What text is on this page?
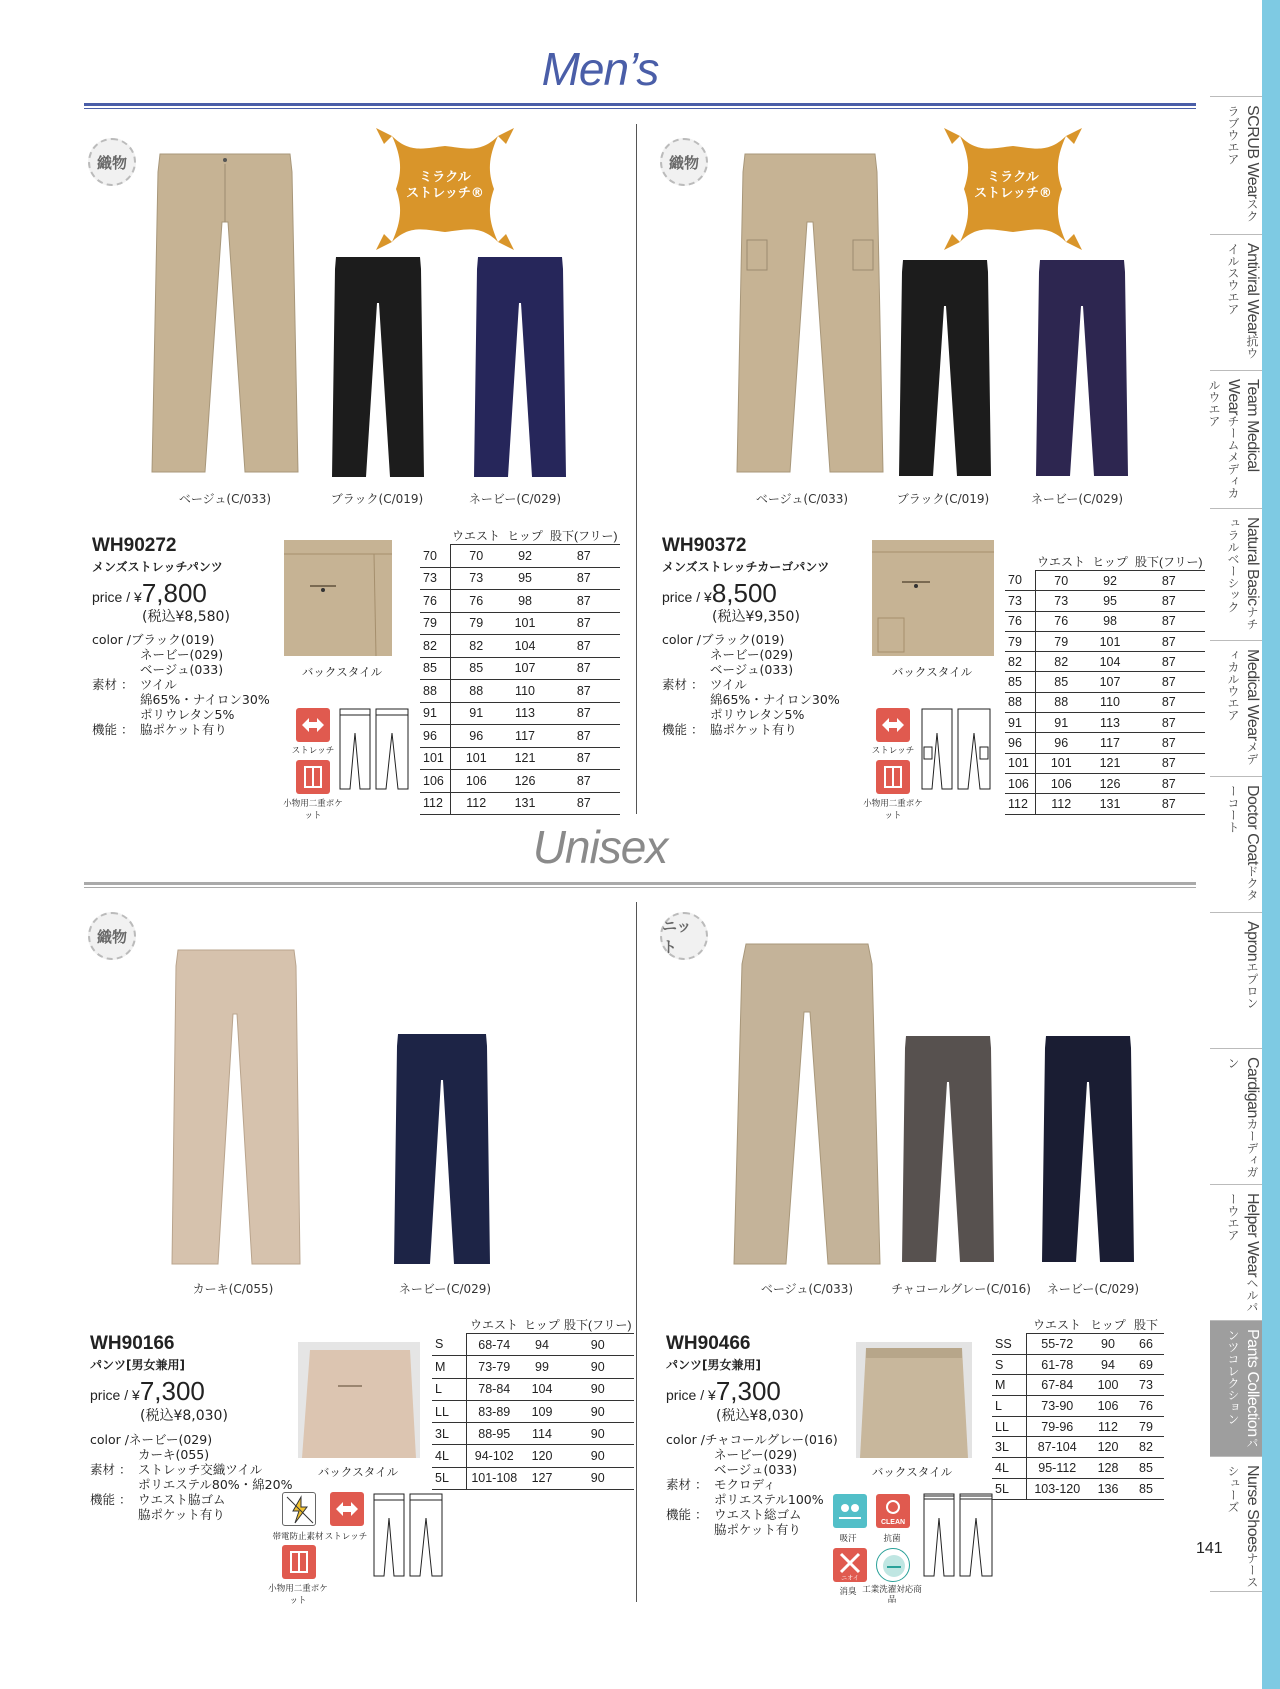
Men’s
Unisex
SCRUB Wearスクラブウエア
Antiviral Wear抗ウイルスウエア
Team Medical Wearチームメディカルウエア
Natural Basicナチュラルベーシック
Medical Wearメディカルウエア
Doctor Coatドクターコート
Apronエプロン
Cardiganカーディガン
Helper Wearヘルパーウエア
Pants Collectionパンツコレクション
Nurse Shoesナースシューズ
141
織物
ミラクル
ストレッチ®
ベージュ(C/033)	ブラック(C/019)	ネービー(C/029)
WH90272
メンズストレッチパンツ
price / ¥7,800
(税込¥8,580)
color / ブラック(019)
ネービー(029)
ベージュ(033)
素材 ： ツイル
綿65%・ナイロン30%
ポリウレタン5%
機能 ： 脇ポケット有り
バックスタイル
ストレッチ
小物用二重ポケット
	ウエスト	ヒップ	股下(フリー)
70	70	92	87
73	73	95	87
76	76	98	87
79	79	101	87
82	82	104	87
85	85	107	87
88	88	110	87
91	91	113	87
96	96	117	87
101	101	121	87
106	106	126	87
112	112	131	87
織物
ミラクル
ストレッチ®
ベージュ(C/033)	ブラック(C/019)	ネービー(C/029)
WH90372
メンズストレッチカーゴパンツ
price / ¥8,500
(税込¥9,350)
color / ブラック(019)
ネービー(029)
ベージュ(033)
素材 ： ツイル
綿65%・ナイロン30%
ポリウレタン5%
機能 ： 脇ポケット有り
バックスタイル
ストレッチ
小物用二重ポケット
	ウエスト	ヒップ	股下(フリー)
70	70	92	87
73	73	95	87
76	76	98	87
79	79	101	87
82	82	104	87
85	85	107	87
88	88	110	87
91	91	113	87
96	96	117	87
101	101	121	87
106	106	126	87
112	112	131	87
織物
カーキ(C/055)	ネービー(C/029)
WH90166
パンツ[男女兼用]
price / ¥7,300
(税込¥8,030)
color / ネービー(029)
カーキ(055)
素材 ： ストレッチ交織ツイル
ポリエステル80%・綿20%
機能 ： ウエスト脇ゴム
脇ポケット有り
バックスタイル
帯電防止素材 ストレッチ
小物用二重ポケット
	ウエスト	ヒップ	股下(フリー)
S	68-74	94	90
M	73-79	99	90
L	78-84	104	90
LL	83-89	109	90
3L	88-95	114	90
4L	94-102	120	90
5L	101-108	127	90
ニット
ベージュ(C/033)	チャコールグレー(C/016)	ネービー(C/029)
WH90466
パンツ[男女兼用]
price / ¥7,300
(税込¥8,030)
color / チャコールグレー(016)
ネービー(029)
ベージュ(033)
素材 ： モクロディ
ポリエステル100%
機能 ： ウエスト総ゴム
脇ポケット有り
バックスタイル
吸汗
CLEAN
抗菌
ニオイ
消臭 工業洗濯対応商品
	ウエスト	ヒップ	股下
SS	55-72	90	66
S	61-78	94	69
M	67-84	100	73
L	73-90	106	76
LL	79-96	112	79
3L	87-104	120	82
4L	95-112	128	85
5L	103-120	136	85
